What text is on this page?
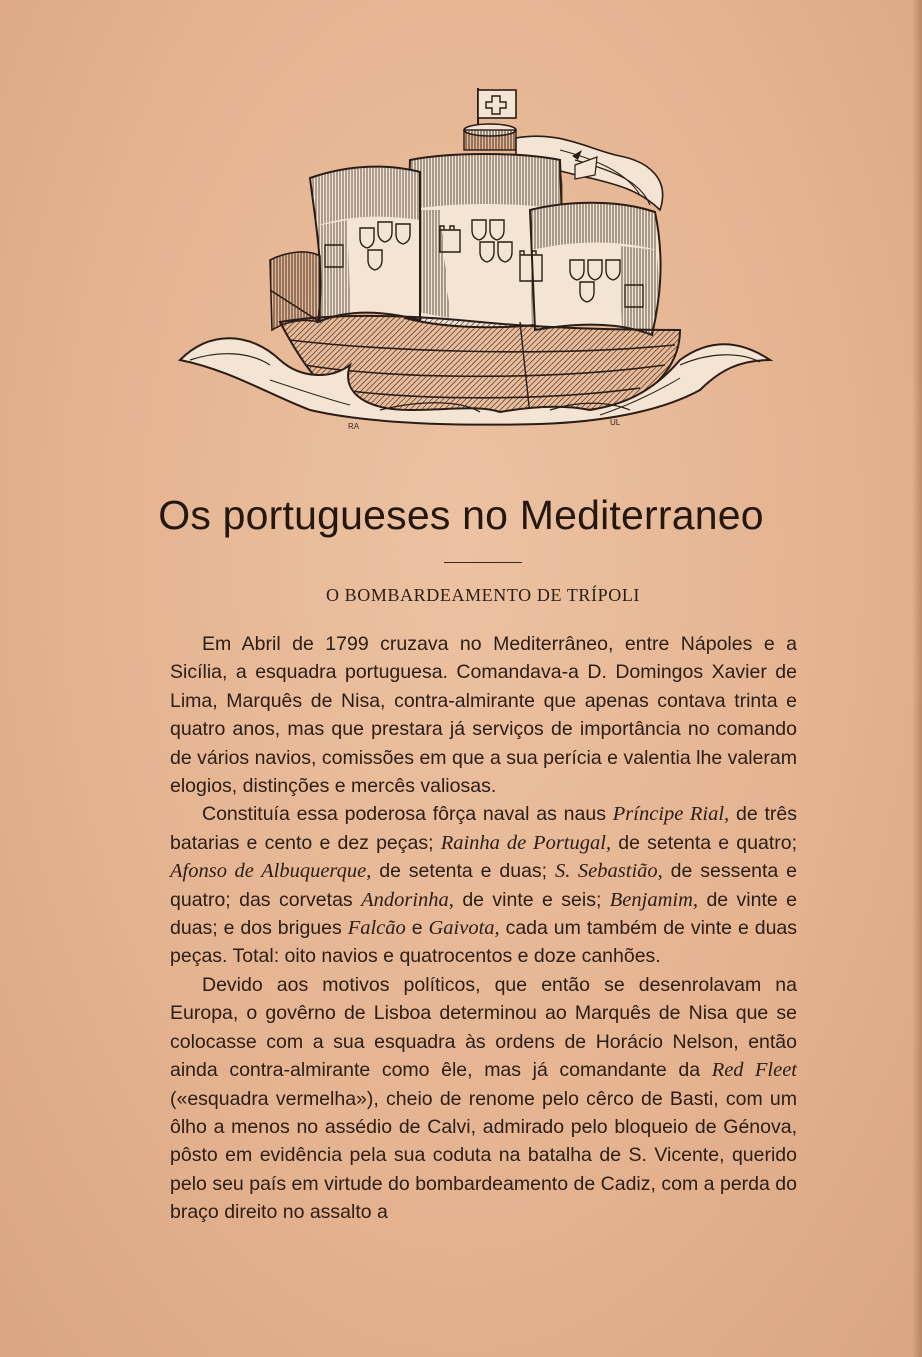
RA	UL
Os portugueses no Mediterraneo
O BOMBARDEAMENTO DE TRÍPOLI

Em Abril de 1799 cruzava no Mediterrâneo, entre Nápoles e a Sicília, a esquadra portuguesa. Comandava-a D. Domingos Xavier de Lima, Marquês de Nisa, contra-almirante que apenas contava trinta e quatro anos, mas que prestara já serviços de importância no comando de vários navios, comissões em que a sua perícia e valentia lhe valeram elogios, distinções e mercês valiosas.

Constituía essa poderosa fôrça naval as naus Príncipe Rial, de três batarias e cento e dez peças; Rainha de Portugal, de setenta e quatro; Afonso de Albuquerque, de setenta e duas; S. Sebastião, de sessenta e quatro; das corvetas Andorinha, de vinte e seis; Benjamim, de vinte e duas; e dos brigues Falcão e Gaivota, cada um também de vinte e duas peças. Total: oito navios e quatrocentos e doze canhões.

Devido aos motivos políticos, que então se desenrolavam na Europa, o govêrno de Lisboa determinou ao Marquês de Nisa que se colocasse com a sua esquadra às ordens de Horácio Nelson, então ainda contra-almirante como êle, mas já comandante da Red Fleet («esquadra vermelha»), cheio de renome pelo cêrco de Basti, com um ôlho a menos no assédio de Calvi, admirado pelo bloqueio de Génova, pôsto em evidência pela sua coduta na batalha de S. Vicente, querido pelo seu país em virtude do bombardeamento de Cadiz, com a perda do braço direito no assalto a
